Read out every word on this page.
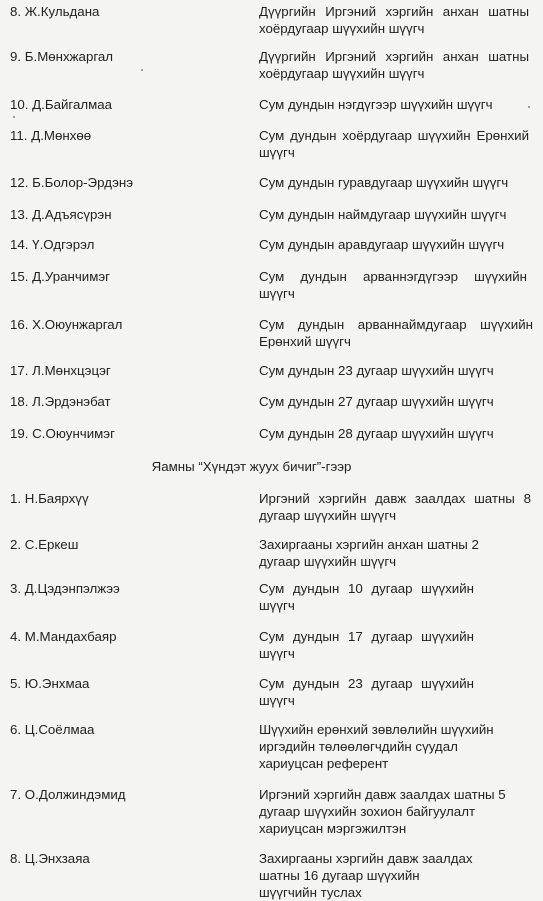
8. Ж.Кульдана	Дүүргийн Иргэний хэргийн анхан шатны хоёрдугаар шүүхийн шүүгч
9. Б.Мөнхжаргал	Дүүргийн Иргэний хэргийн анхан шатны хоёрдугаар шүүхийн шүүгч
10. Д.Байгалмаа	Сум дундын нэгдүгээр шүүхийн шүүгч
11. Д.Мөнхөө	Сум дундын хоёрдугаар шүүхийн Ерөнхий шүүгч
12. Б.Болор-Эрдэнэ	Сум дундын гуравдугаар шүүхийн шүүгч
13. Д.Адъясүрэн	Сум дундын наймдугаар шүүхийн шүүгч
14. Ү.Одгэрэл	Сум дундын аравдугаар шүүхийн шүүгч
15. Д.Уранчимэг	Сум дундын арваннэгдүгээр шүүхийн шүүгч
16. Х.Оюунжаргал	Сум дундын арваннаймдугаар шүүхийн Ерөнхий шүүгч
17. Л.Мөнхцэцэг	Сум дундын 23 дугаар шүүхийн шүүгч
18. Л.Эрдэнэбат	Сум дундын 27 дугаар шүүхийн шүүгч
19. С.Оюунчимэг	Сум дундын 28 дугаар шүүхийн шүүгч
Яамны “Хүндэт жуух бичиг”-гээр
1. Н.Баярхүү	Иргэний хэргийн давж заалдах шатны 8 дугаар шүүхийн шүүгч
2. С.Еркеш	Захиргааны хэргийн анхан шатны 2 дугаар шүүхийн шүүгч
3. Д.Цэдэнпэлжээ	Сум дундын 10 дугаар шүүхийн шүүгч
4. М.Мандахбаяр	Сум дундын 17 дугаар шүүхийн шүүгч
5. Ю.Энхмаа	Сум дундын 23 дугаар шүүхийн шүүгч
6. Ц.Соёлмаа	Шүүхийн ерөнхий зөвлөлийн шүүхийн иргэдийн төлөөлөгчдийн сүудал хариуцсан референт
7. О.Должиндэмид	Иргэний хэргийн давж заалдах шатны 5 дугаар шүүхийн зохион байгуулалт хариуцсан мэргэжилтэн
8. Ц.Энхзаяа	Захиргааны хэргийн давж заалдах шатны 16 дугаар шүүхийн шүүгчийн туслах
